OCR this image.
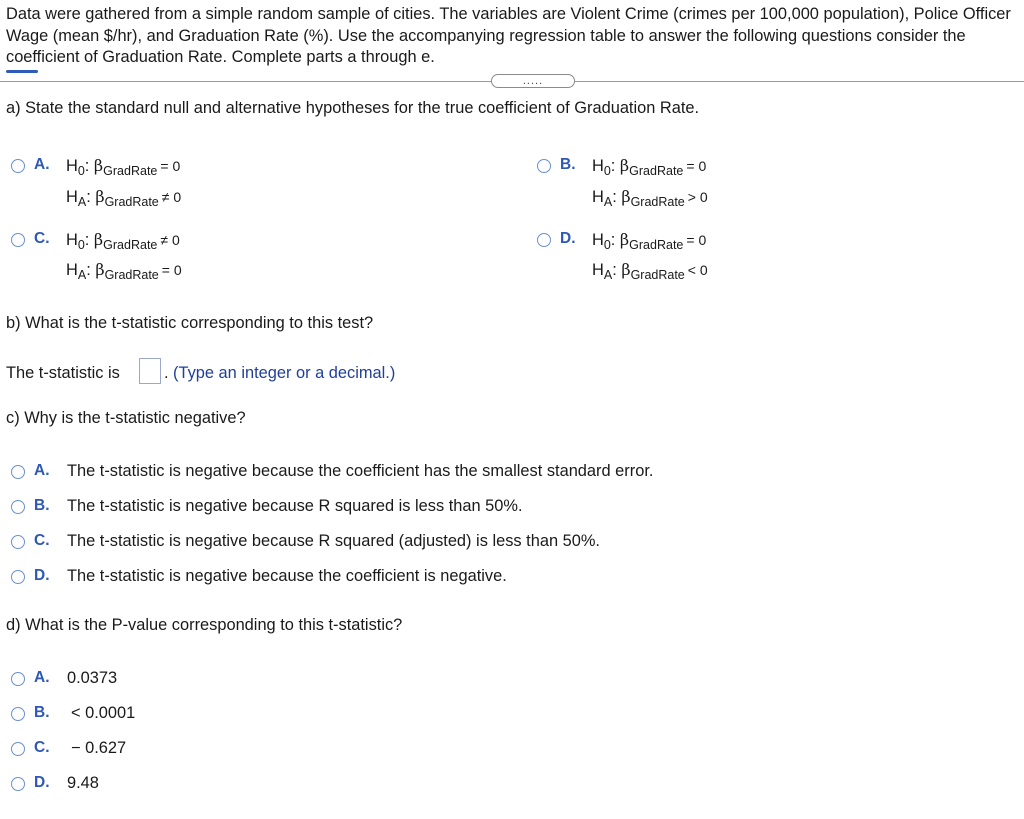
Data were gathered from a simple random sample of cities. The variables are Violent Crime (crimes per 100,000 population), Police Officer Wage (mean $/hr), and Graduation Rate (%). Use the accompanying regression table to answer the following questions consider the coefficient of Graduation Rate. Complete parts a through e.
.....
a) State the standard null and alternative hypotheses for the true coefficient of Graduation Rate.
A. $H_0$: $\beta_{GradRate} = 0$
$H_A$: $\beta_{GradRate} \ne 0$
B. $H_0$: $\beta_{GradRate} = 0$
$H_A$: $\beta_{GradRate} > 0$
C. $H_0$: $\beta_{GradRate} \ne 0$
$H_A$: $\beta_{GradRate} = 0$
D. $H_0$: $\beta_{GradRate} = 0$
$H_A$: $\beta_{GradRate} < 0$
b) What is the t-statistic corresponding to this test?
The t-statistic is	. (Type an integer or a decimal.)
c) Why is the t-statistic negative?
A. The t-statistic is negative because the coefficient has the smallest standard error.
B. The t-statistic is negative because R squared is less than 50%.
C. The t-statistic is negative because R squared (adjusted) is less than 50%.
D. The t-statistic is negative because the coefficient is negative.
d) What is the P-value corresponding to this t-statistic?
A. 0.0373
B. < 0.0001
C. − 0.627
D. 9.48
